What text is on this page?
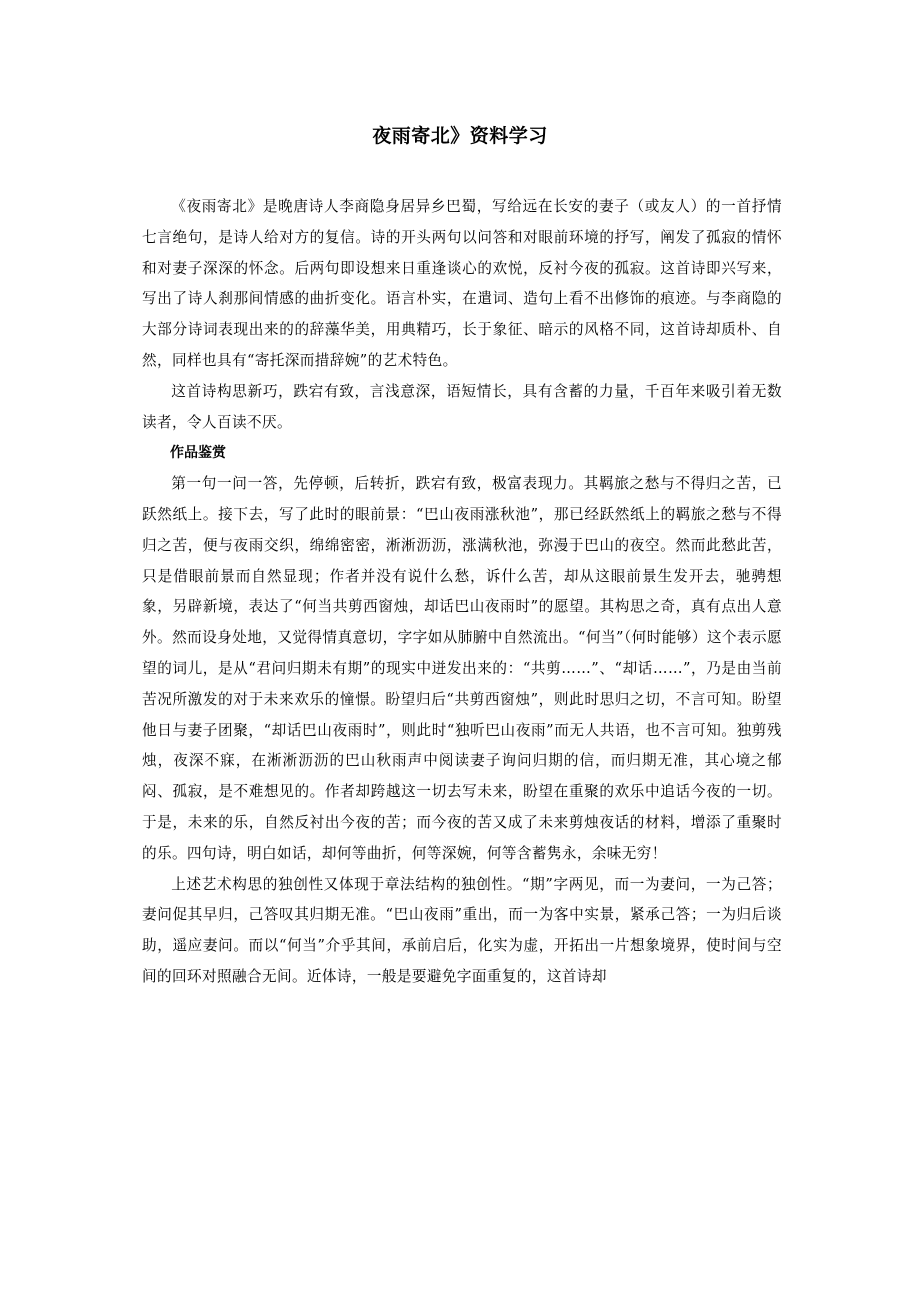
夜雨寄北》资料学习

《夜雨寄北》是晚唐诗人李商隐身居异乡巴蜀，写给远在长安的妻子（或友人）的一首抒情七言绝句，是诗人给对方的复信。诗的开头两句以问答和对眼前环境的抒写，阐发了孤寂的情怀和对妻子深深的怀念。后两句即设想来日重逢谈心的欢悦，反衬今夜的孤寂。这首诗即兴写来，写出了诗人刹那间情感的曲折变化。语言朴实，在遣词、造句上看不出修饰的痕迹。与李商隐的大部分诗词表现出来的的辞藻华美，用典精巧，长于象征、暗示的风格不同，这首诗却质朴、自然，同样也具有“寄托深而措辞婉”的艺术特色。

这首诗构思新巧，跌宕有致，言浅意深，语短情长，具有含蓄的力量，千百年来吸引着无数读者，令人百读不厌。

作品鉴赏

第一句一问一答，先停顿，后转折，跌宕有致，极富表现力。其羁旅之愁与不得归之苦，已跃然纸上。接下去，写了此时的眼前景：“巴山夜雨涨秋池”，那已经跃然纸上的羁旅之愁与不得归之苦，便与夜雨交织，绵绵密密，淅淅沥沥，涨满秋池，弥漫于巴山的夜空。然而此愁此苦，只是借眼前景而自然显现；作者并没有说什么愁，诉什么苦，却从这眼前景生发开去，驰骋想象，另辟新境，表达了“何当共剪西窗烛，却话巴山夜雨时”的愿望。其构思之奇，真有点出人意外。然而设身处地，又觉得情真意切，字字如从肺腑中自然流出。“何当”（何时能够）这个表示愿望的词儿，是从“君问归期未有期”的现实中迸发出来的：“共剪……”、“却话……”，乃是由当前苦况所激发的对于未来欢乐的憧憬。盼望归后“共剪西窗烛”，则此时思归之切，不言可知。盼望他日与妻子团聚，“却话巴山夜雨时”，则此时“独听巴山夜雨”而无人共语，也不言可知。独剪残烛，夜深不寐，在淅淅沥沥的巴山秋雨声中阅读妻子询问归期的信，而归期无准，其心境之郁闷、孤寂，是不难想见的。作者却跨越这一切去写未来，盼望在重聚的欢乐中追话今夜的一切。于是，未来的乐，自然反衬出今夜的苦；而今夜的苦又成了未来剪烛夜话的材料，增添了重聚时的乐。四句诗，明白如话，却何等曲折，何等深婉，何等含蓄隽永，余味无穷！

上述艺术构思的独创性又体现于章法结构的独创性。“期”字两见，而一为妻问，一为己答；妻问促其早归，己答叹其归期无准。“巴山夜雨”重出，而一为客中实景，紧承己答；一为归后谈助，遥应妻问。而以“何当”介乎其间，承前启后，化实为虚，开拓出一片想象境界，使时间与空间的回环对照融合无间。近体诗，一般是要避免字面重复的，这首诗却
